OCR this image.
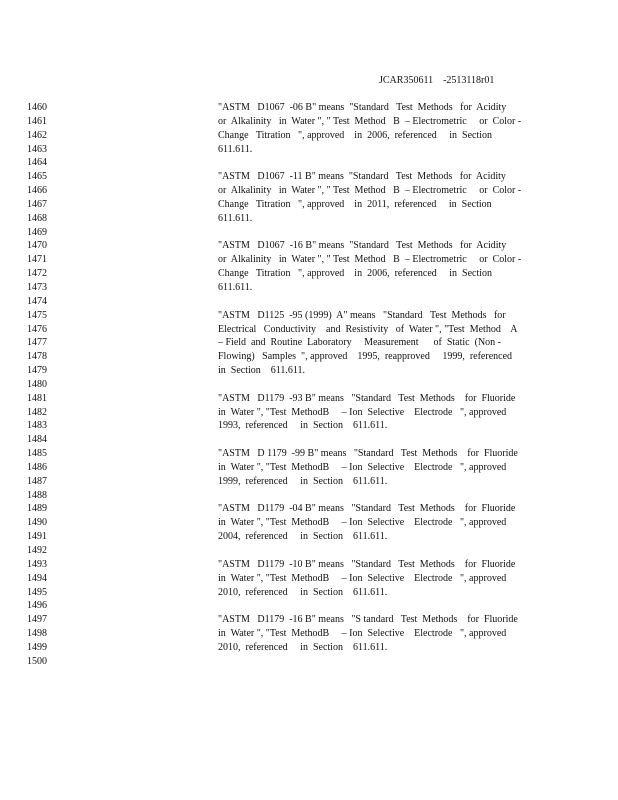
JCAR350611    -2513118r01
1460
1461
1462
1463
1464
1465
1466
1467
1468
1469
1470
1471
1472
1473
1474
1475
1476
1477
1478
1479
1480
1481
1482
1483
1484
1485
1486
1487
1488
1489
1490
1491
1492
1493
1494
1495
1496
1497
1498
1499
1500
"ASTM   D1067  -06 B" means  "Standard   Test  Methods   for  Acidity
or  Alkalinity   in  Water ", " Test  Method   B  – Electrometric     or  Color -
Change   Titration   ", approved    in  2006,  referenced     in  Section
611.611.
"ASTM   D1067  -11 B" means  "Standard   Test  Methods   for  Acidity
or  Alkalinity   in  Water ", " Test  Method   B  – Electrometric     or  Color -
Change   Titration   ", approved    in  2011,  referenced     in  Section
611.611.
"ASTM   D1067  -16 B" means  "Standard   Test  Methods   for  Acidity
or  Alkalinity   in  Water ", " Test  Method   B  – Electrometric     or  Color -
Change   Titration   ", approved    in  2006,  referenced     in  Section
611.611.
"ASTM   D1125  -95 (1999)  A" means   "Standard   Test  Methods   for
Electrical   Conductivity    and  Resistivity   of  Water ", "Test  Method    A
– Field  and  Routine  Laboratory     Measurement      of  Static  (Non -
Flowing)   Samples  ", approved    1995,  reapproved     1999,  referenced
in  Section    611.611.
"ASTM   D1179  -93 B" means   "Standard   Test  Methods    for  Fluoride
in  Water ", "Test  MethodB     – Ion  Selective    Electrode   ", approved
1993,  referenced     in  Section    611.611.
"ASTM   D 1179  -99 B" means   "Standard   Test  Methods    for  Fluoride
in  Water ", "Test  MethodB     – Ion  Selective    Electrode   ", approved
1999,  referenced     in  Section    611.611.
"ASTM   D1179  -04 B" means   "Standard   Test  Methods    for  Fluoride
in  Water ", "Test  MethodB     – Ion  Selective    Electrode   ", approved
2004,  referenced     in  Section    611.611.
"ASTM   D1179  -10 B" means   "Standard   Test  Methods    for  Fluoride
in  Water ", "Test  MethodB     – Ion  Selective    Electrode   ", approved
2010,  referenced     in  Section    611.611.
"ASTM   D1179  -16 B" means   "S tandard   Test  Methods    for  Fluoride
in  Water ", "Test  MethodB     – Ion  Selective    Electrode   ", approved
2010,  referenced     in  Section    611.611.
